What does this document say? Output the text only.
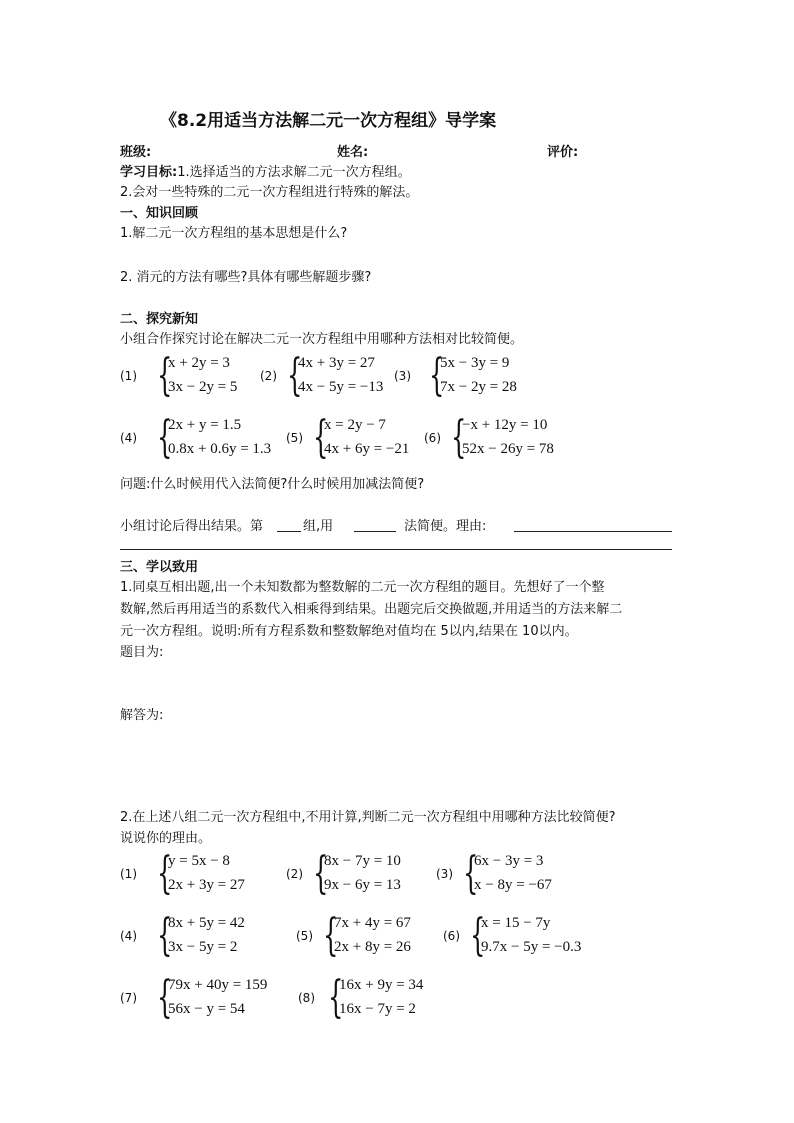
《8.2用适当方法解二元一次方程组》导学案
班级:	姓名:	评价:
学习目标:1.选择适当的方法求解二元一次方程组。
2.会对一些特殊的二元一次方程组进行特殊的解法。
一、知识回顾
1.解二元一次方程组的基本思想是什么?
2. 消元的方法有哪些?具体有哪些解题步骤?
二、探究新知
小组合作探究讨论在解决二元一次方程组中用哪种方法相对比较简便。
(1) {
x + 2y = 3
3x − 2y = 5
(2) {
4x + 3y = 27
4x − 5y = −13
(3) {
5x − 3y = 9
7x − 2y = 28
(4) {
2x + y = 1.5
0.8x + 0.6y = 1.3
(5) {
x = 2y − 7
4x + 6y = −21
(6) {
−x + 12y = 10
52x − 26y = 78
问题:什么时候用代入法简便?什么时候用加减法简便?
小组讨论后得出结果。第	组,用	法简便。理由:
三、学以致用
1.同桌互相出题,出一个未知数都为整数解的二元一次方程组的题目。先想好了一个整
数解,然后再用适当的系数代入相乘得到结果。出题完后交换做题,并用适当的方法来解二
元一次方程组。说明:所有方程系数和整数解绝对值均在 5以内,结果在 10以内。
题目为:
解答为:
2.在上述八组二元一次方程组中,不用计算,判断二元一次方程组中用哪种方法比较简便?
说说你的理由。
(1) {
y = 5x − 8
2x + 3y = 27
(2) {
8x − 7y = 10
9x − 6y = 13
(3) {
6x − 3y = 3
x − 8y = −67
(4) {
8x + 5y = 42
3x − 5y = 2
(5) {
7x + 4y = 67
2x + 8y = 26
(6) {
x = 15 − 7y
9.7x − 5y = −0.3
(7) {
79x + 40y = 159
56x − y = 54
(8) {
16x + 9y = 34
16x − 7y = 2
